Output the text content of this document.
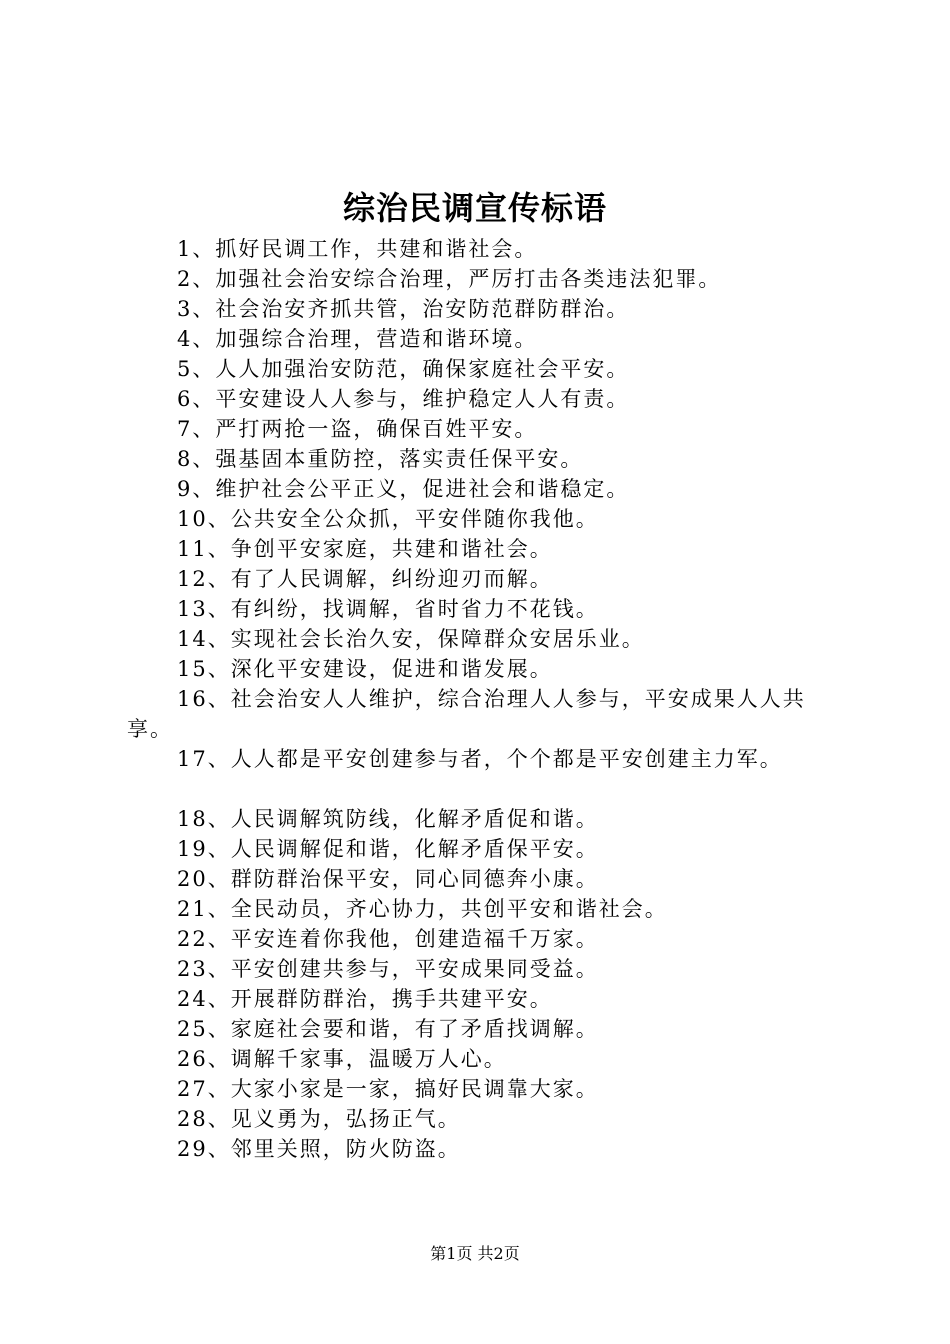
综治民调宣传标语

1、抓好民调工作，共建和谐社会。

2、加强社会治安综合治理，严厉打击各类违法犯罪。

3、社会治安齐抓共管，治安防范群防群治。

4、加强综合治理，营造和谐环境。

5、人人加强治安防范，确保家庭社会平安。

6、平安建设人人参与，维护稳定人人有责。

7、严打两抢一盗，确保百姓平安。

8、强基固本重防控，落实责任保平安。

9、维护社会公平正义，促进社会和谐稳定。

10、公共安全公众抓，平安伴随你我他。

11、争创平安家庭，共建和谐社会。

12、有了人民调解，纠纷迎刃而解。

13、有纠纷，找调解，省时省力不花钱。

14、实现社会长治久安，保障群众安居乐业。

15、深化平安建设，促进和谐发展。

16、社会治安人人维护，综合治理人人参与，平安成果人人共享。

17、人人都是平安创建参与者，个个都是平安创建主力军。

18、人民调解筑防线，化解矛盾促和谐。

19、人民调解促和谐，化解矛盾保平安。

20、群防群治保平安，同心同德奔小康。

21、全民动员，齐心协力，共创平安和谐社会。

22、平安连着你我他，创建造福千万家。

23、平安创建共参与，平安成果同受益。

24、开展群防群治，携手共建平安。

25、家庭社会要和谐，有了矛盾找调解。

26、调解千家事，温暖万人心。

27、大家小家是一家，搞好民调靠大家。

28、见义勇为，弘扬正气。

29、邻里关照，防火防盗。

第1页 共2页
